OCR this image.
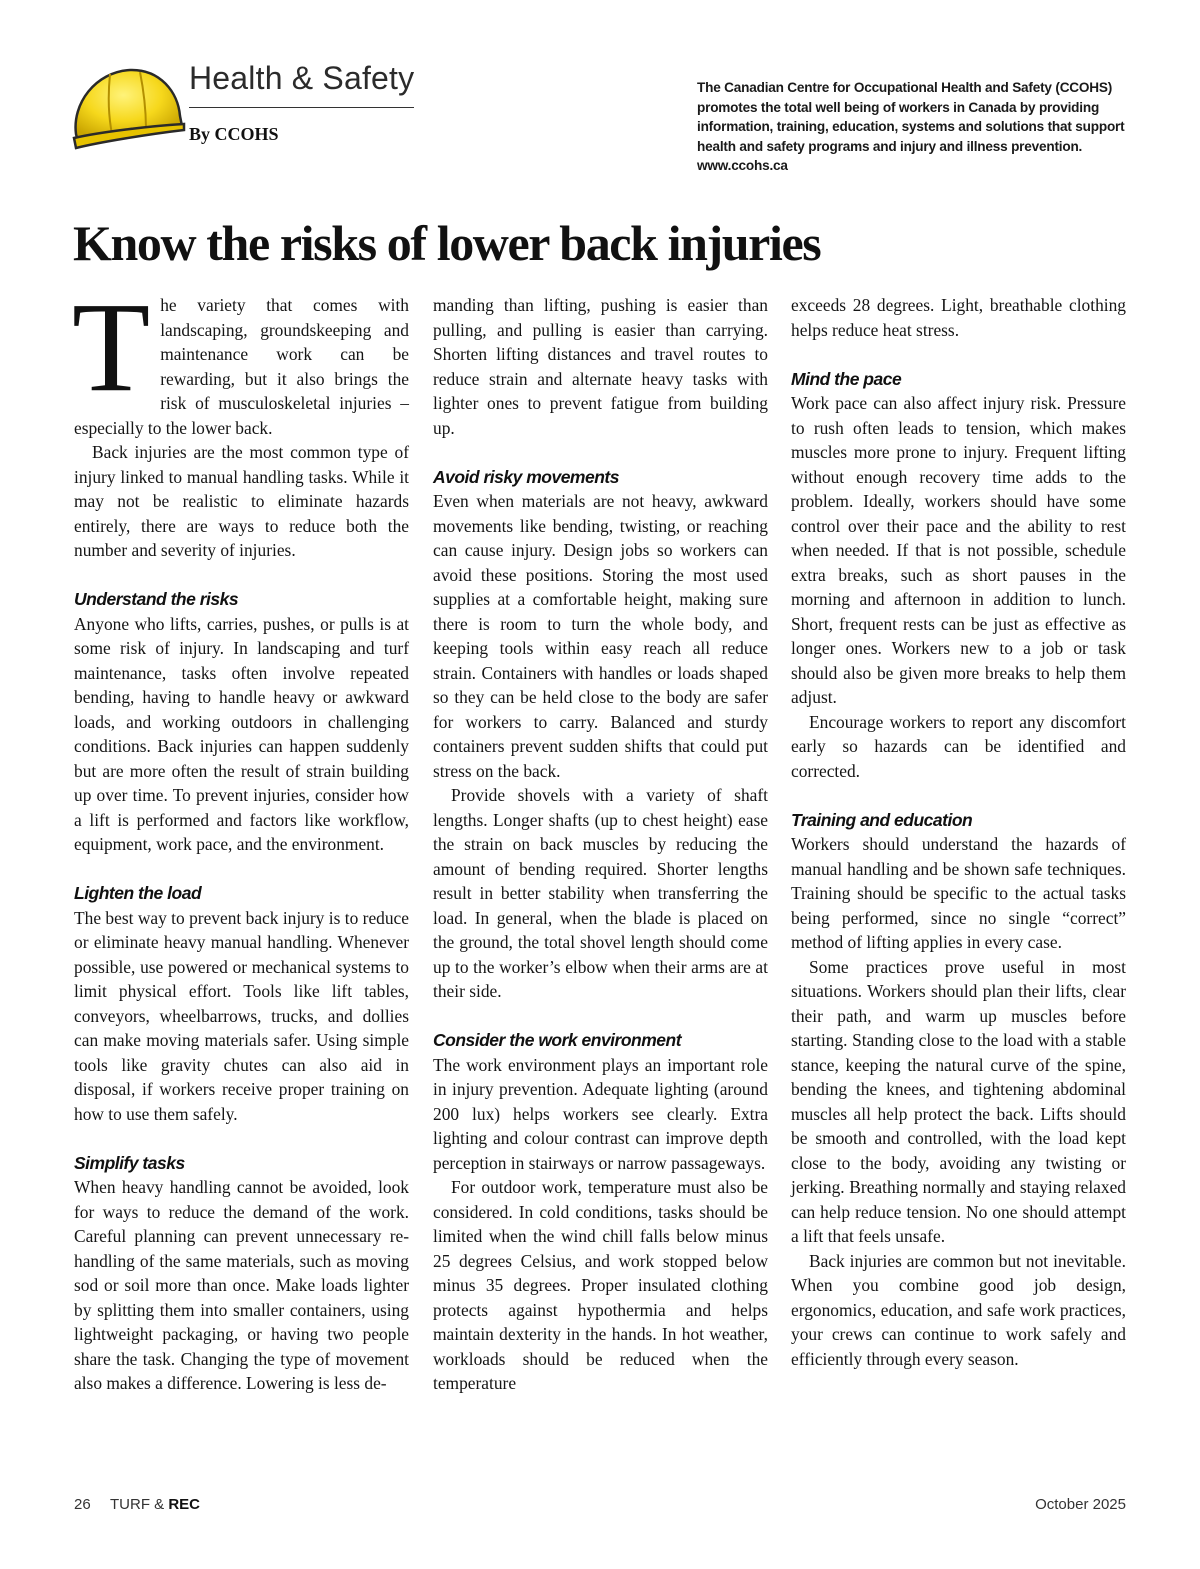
Health & Safety
By CCOHS
The Canadian Centre for Occupational Health and Safety (CCOHS) promotes the total well being of workers in Canada by providing information, training, education, systems and solutions that support health and safety programs and injury and illness prevention. www.ccohs.ca
Know the risks of lower back injuries

The variety that comes with landscaping, groundskeeping and maintenance work can be rewarding, but it also brings the risk of musculoskeletal injuries – especially to the lower back.

Back injuries are the most common type of injury linked to manual handling tasks. While it may not be realistic to eliminate hazards entirely, there are ways to reduce both the number and severity of injuries.

Understand the risks

Anyone who lifts, carries, pushes, or pulls is at some risk of injury. In landscaping and turf maintenance, tasks often involve repeated bending, having to handle heavy or awkward loads, and working outdoors in challenging conditions. Back injuries can happen suddenly but are more often the result of strain building up over time. To prevent injuries, consider how a lift is performed and factors like workflow, equipment, work pace, and the environment.

Lighten the load

The best way to prevent back injury is to reduce or eliminate heavy manual handling. Whenever possible, use powered or mechanical systems to limit physical effort. Tools like lift tables, conveyors, wheelbarrows, trucks, and dollies can make moving materials safer. Using simple tools like gravity chutes can also aid in disposal, if workers receive proper training on how to use them safely.

Simplify tasks

When heavy handling cannot be avoided, look for ways to reduce the demand of the work. Careful planning can prevent unnecessary re-handling of the same materials, such as moving sod or soil more than once. Make loads lighter by splitting them into smaller containers, using lightweight packaging, or having two people share the task. Changing the type of movement also makes a difference. Lowering is less de-

manding than lifting, pushing is easier than pulling, and pulling is easier than carrying. Shorten lifting distances and travel routes to reduce strain and alternate heavy tasks with lighter ones to prevent fatigue from building up.

Avoid risky movements

Even when materials are not heavy, awkward movements like bending, twisting, or reaching can cause injury. Design jobs so workers can avoid these positions. Storing the most used supplies at a comfortable height, making sure there is room to turn the whole body, and keeping tools within easy reach all reduce strain. Containers with handles or loads shaped so they can be held close to the body are safer for workers to carry. Balanced and sturdy containers prevent sudden shifts that could put stress on the back.

Provide shovels with a variety of shaft lengths. Longer shafts (up to chest height) ease the strain on back muscles by reducing the amount of bending required. Shorter lengths result in better stability when transferring the load. In general, when the blade is placed on the ground, the total shovel length should come up to the worker’s elbow when their arms are at their side.

Consider the work environment

The work environment plays an important role in injury prevention. Adequate lighting (around 200 lux) helps workers see clearly. Extra lighting and colour contrast can improve depth perception in stairways or narrow passageways.

For outdoor work, temperature must also be considered. In cold conditions, tasks should be limited when the wind chill falls below minus 25 degrees Celsius, and work stopped below minus 35 degrees. Proper insulated clothing protects against hypothermia and helps maintain dexterity in the hands. In hot weather, workloads should be reduced when the temperature

exceeds 28 degrees. Light, breathable clothing helps reduce heat stress.

Mind the pace

Work pace can also affect injury risk. Pressure to rush often leads to tension, which makes muscles more prone to injury. Frequent lifting without enough recovery time adds to the problem. Ideally, workers should have some control over their pace and the ability to rest when needed. If that is not possible, schedule extra breaks, such as short pauses in the morning and afternoon in addition to lunch. Short, frequent rests can be just as effective as longer ones. Workers new to a job or task should also be given more breaks to help them adjust.

Encourage workers to report any discomfort early so hazards can be identified and corrected.

Training and education

Workers should understand the hazards of manual handling and be shown safe techniques. Training should be specific to the actual tasks being performed, since no single “correct” method of lifting applies in every case.

Some practices prove useful in most situations. Workers should plan their lifts, clear their path, and warm up muscles before starting. Standing close to the load with a stable stance, keeping the natural curve of the spine, bending the knees, and tightening abdominal muscles all help protect the back. Lifts should be smooth and controlled, with the load kept close to the body, avoiding any twisting or jerking. Breathing normally and staying relaxed can help reduce tension. No one should attempt a lift that feels unsafe.

Back injuries are common but not inevitable. When you combine good job design, ergonomics, education, and safe work practices, your crews can continue to work safely and efficiently through every season.

26 TURF & REC	October 2025
